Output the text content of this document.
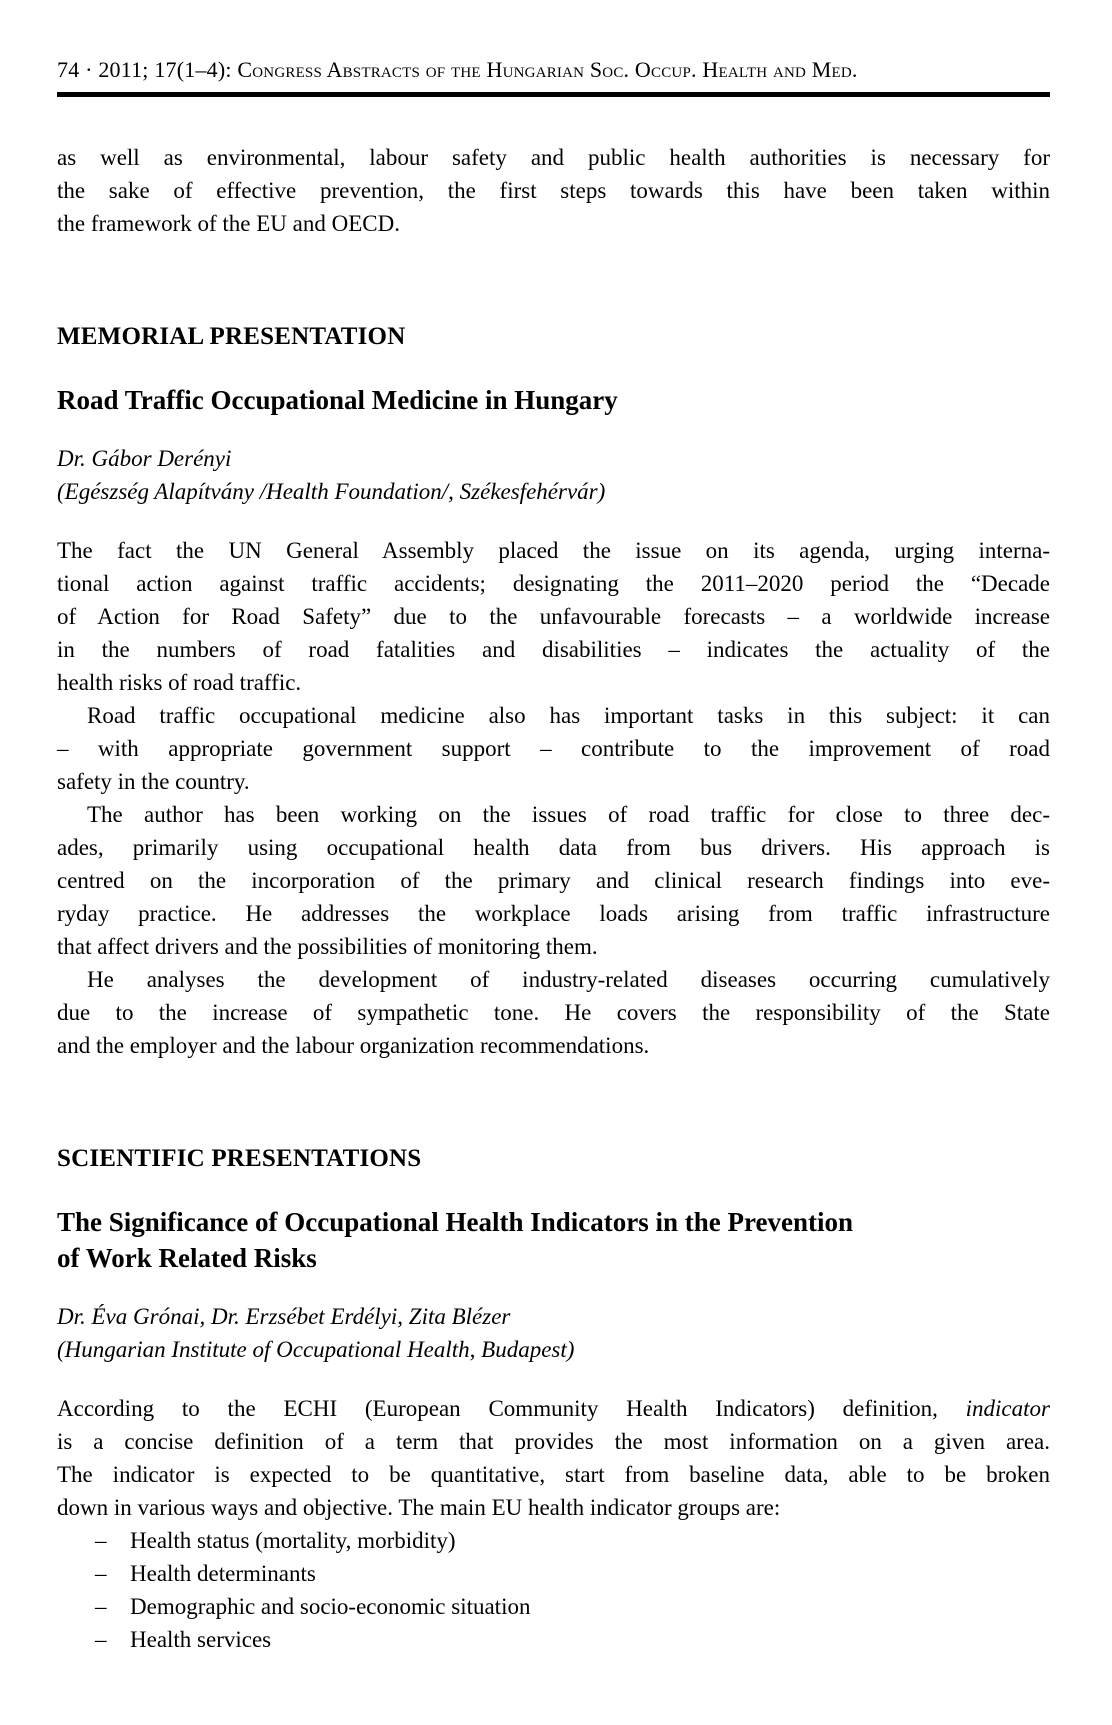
74 · 2011; 17(1–4): Congress Abstracts of the Hungarian Soc. Occup. Health and Med.
as well as environmental, labour safety and public health authorities is necessary for
the sake of effective prevention, the first steps towards this have been taken within
the framework of the EU and OECD.
MEMORIAL PRESENTATION
Road Traffic Occupational Medicine in Hungary
Dr. Gábor Derényi
(Egészség Alapítvány /Health Foundation/, Székesfehérvár)
The fact the UN General Assembly placed the issue on its agenda, urging interna-
tional action against traffic accidents; designating the 2011–2020 period the “Decade
of Action for Road Safety” due to the unfavourable forecasts – a worldwide increase
in the numbers of road fatalities and disabilities – indicates the actuality of the
health risks of road traffic.
Road traffic occupational medicine also has important tasks in this subject: it can
– with appropriate government support – contribute to the improvement of road
safety in the country.
The author has been working on the issues of road traffic for close to three dec-
ades, primarily using occupational health data from bus drivers. His approach is
centred on the incorporation of the primary and clinical research findings into eve-
ryday practice. He addresses the workplace loads arising from traffic infrastructure
that affect drivers and the possibilities of monitoring them.
He analyses the development of industry-related diseases occurring cumulatively
due to the increase of sympathetic tone. He covers the responsibility of the State
and the employer and the labour organization recommendations.
SCIENTIFIC PRESENTATIONS
The Significance of Occupational Health Indicators in the Prevention
of Work Related Risks
Dr. Éva Grónai, Dr. Erzsébet Erdélyi, Zita Blézer
(Hungarian Institute of Occupational Health, Budapest)
According to the ECHI (European Community Health Indicators) definition, indicator
is a concise definition of a term that provides the most information on a given area.
The indicator is expected to be quantitative, start from baseline data, able to be broken
down in various ways and objective. The main EU health indicator groups are:
– Health status (mortality, morbidity)
– Health determinants
– Demographic and socio-economic situation
– Health services
